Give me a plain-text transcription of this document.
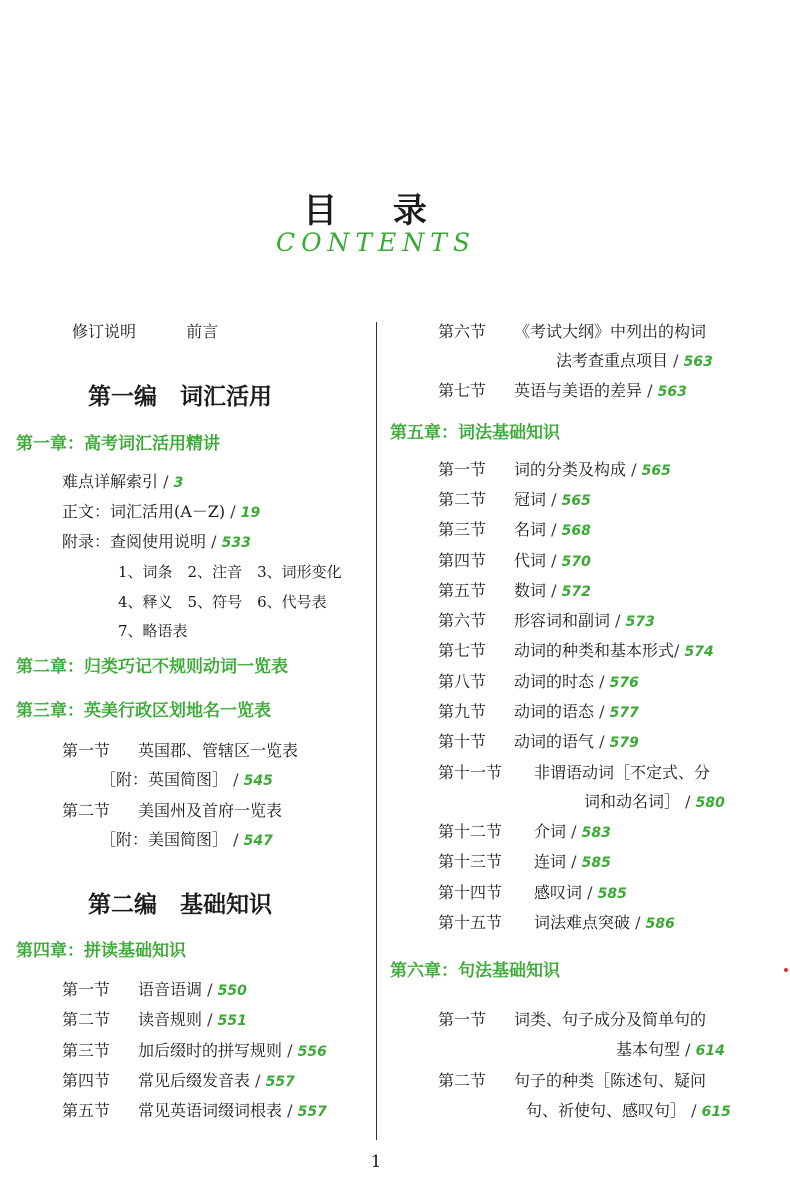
目 录
CONTENTS
1
修订说明	前言
第一编　词汇活用
第一章：高考词汇活用精讲
难点详解索引 / 3
正文：词汇活用(A－Z) / 19
附录：查阅使用说明 / 533
1、词条　2、注音　3、词形变化
4、释义　5、符号　6、代号表
7、略语表
第二章：归类巧记不规则动词一览表
第三章：英美行政区划地名一览表
第一节 英国郡、管辖区一览表
［附：英国简图］ / 545
第二节 美国州及首府一览表
［附：美国简图］ / 547
第二编　基础知识
第四章：拼读基础知识
第一节 语音语调 / 550
第二节 读音规则 / 551
第三节 加后缀时的拼写规则 / 556
第四节 常见后缀发音表 / 557
第五节 常见英语词缀词根表 / 557
第六节 《考试大纲》中列出的构词
法考查重点项目 / 563
第七节 英语与美语的差异 / 563
第五章：词法基础知识
第一节 词的分类及构成 / 565
第二节 冠词 / 565
第三节 名词 / 568
第四节 代词 / 570
第五节 数词 / 572
第六节 形容词和副词 / 573
第七节 动词的种类和基本形式/ 574
第八节 动词的时态 / 576
第九节 动词的语态 / 577
第十节 动词的语气 / 579
第十一节 非谓语动词［不定式、分
词和动名词］ / 580
第十二节 介词 / 583
第十三节 连词 / 585
第十四节 感叹词 / 585
第十五节 词法难点突破 / 586
第六章：句法基础知识
第一节 词类、句子成分及简单句的
基本句型 / 614
第二节 句子的种类［陈述句、疑问
句、祈使句、感叹句］ / 615
